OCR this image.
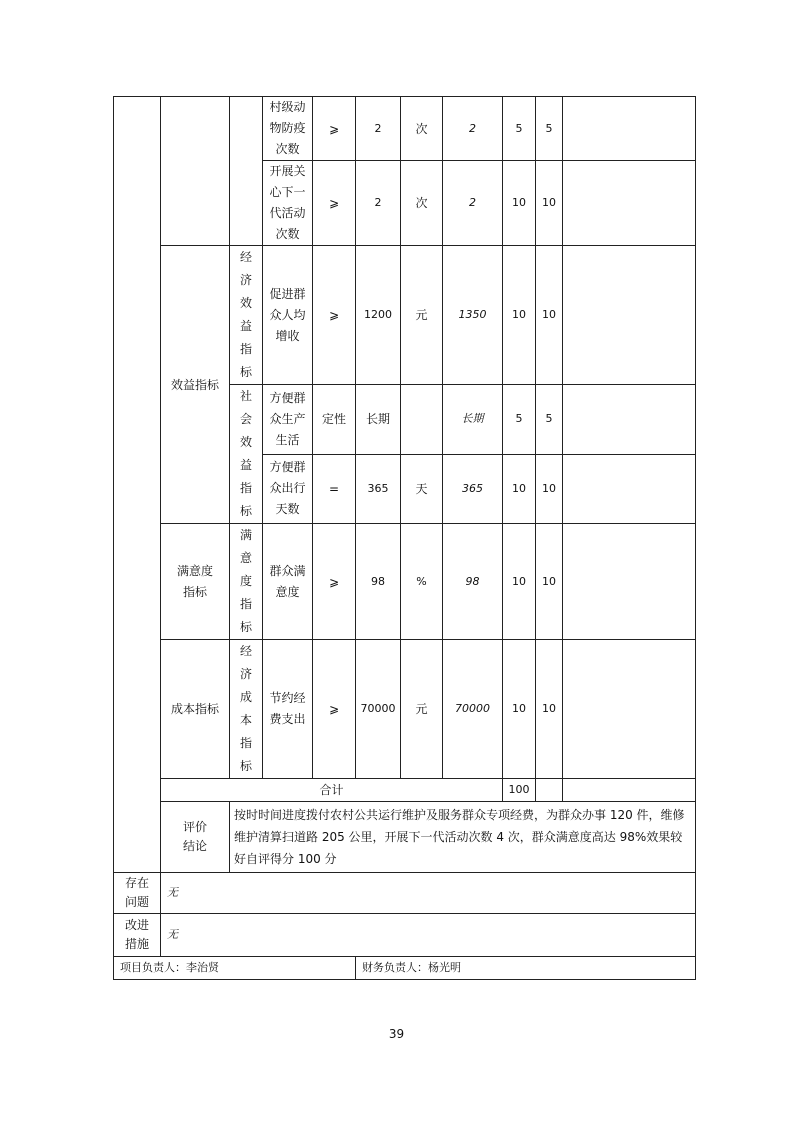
			村级动物防疫次数	⩾	2	次	2	5	5	

			开展关心下一代活动次数	⩾	2	次	2	10	10	
	效益指标	经济效益指标	促进群众人均增收	⩾	1200	元	1350	10	10	

		社会效益指标	方便群众生产生活	定性	长期		长期	5	5	

			方便群众出行天数	=	365	天	365	10	10	

	满意度指标	满意度指标	群众满意度	⩾	98	%	98	10	10	
	成本指标	经济成本指标	节约经费支出	⩾	70000	元	70000	10	10	
	合计							100		

	评价结论	按时时间进度拨付农村公共运行维护及服务群众专项经费，为群众办事 120 件，维修维护清算扫道路 205 公里，开展下一代活动次数 4 次，群众满意度高达 98%效果较好自评得分 100 分								

存在问题	无									

改进措施	无									
项目负责人：李治贤					财务负责人：杨光明					
39
